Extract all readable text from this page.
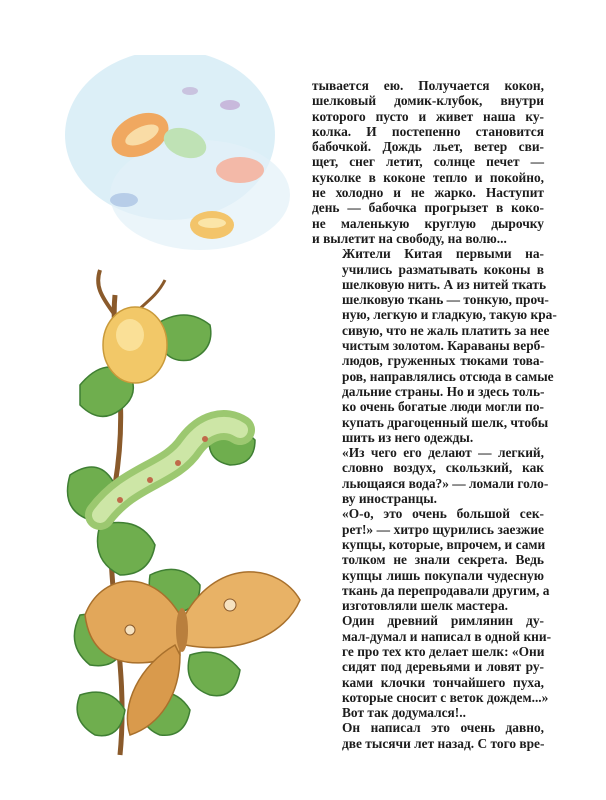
тывается ею. Получается кокон,
шелковый домик-клубок, внутри
которого пусто и живет наша ку-
колка. И постепенно становится
бабочкой. Дождь льет, ветер сви-
щет, снег летит, солнце печет —
куколке в коконе тепло и покойно,
не холодно и не жарко. Наступит
день — бабочка прогрызет в коко-
не маленькую круглую дырочку
и вылетит на свободу, на волю...

Жители Китая первыми на-
учились разматывать коконы в
шелковую нить. А из нитей ткать
шелковую ткань — тонкую, проч-
ную, легкую и гладкую, такую кра-
сивую, что не жаль платить за нее
чистым золотом. Караваны верб-
людов, груженных тюками това-
ров, направлялись отсюда в самые
дальние страны. Но и здесь толь-
ко очень богатые люди могли по-
купать драгоценный шелк, чтобы
шить из него одежды.

«Из чего его делают — легкий,
словно воздух, скользкий, как
льющаяся вода?» — ломали голо-
ву иностранцы.

«О-о, это очень большой сек-
рет!» — хитро щурились заезжие
купцы, которые, впрочем, и сами
толком не знали секрета. Ведь
купцы лишь покупали чудесную
ткань да перепродавали другим, а
изготовляли шелк мастера.

Один древний римлянин ду-
мал-думал и написал в одной кни-
ге про тех кто делает шелк: «Они
сидят под деревьями и ловят ру-
ками клочки тончайшего пуха,
которые сносит с веток дождем...»
Вот так додумался!..

Он написал это очень давно,
две тысячи лет назад. С того вре-
